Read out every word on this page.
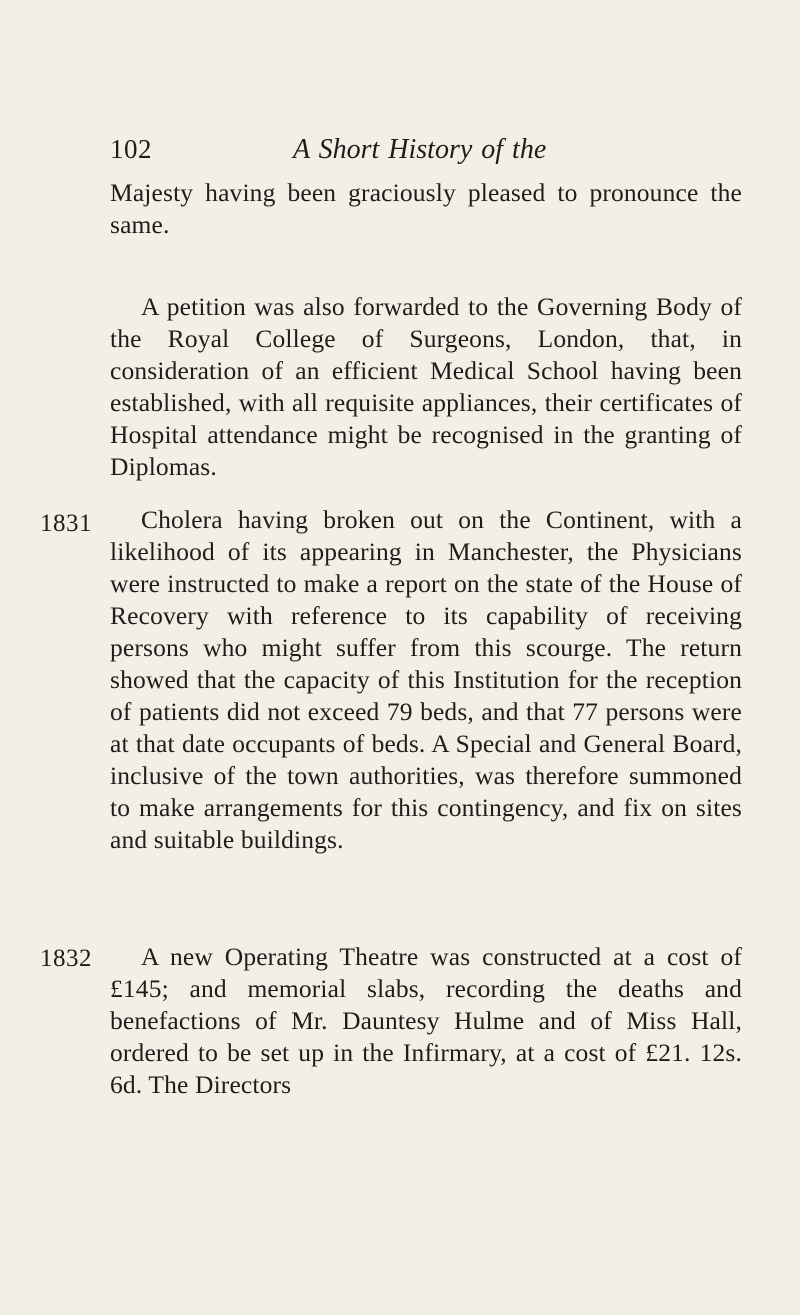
102	A Short History of the
Majesty having been graciously pleased to pronounce the same.
A petition was also forwarded to the Governing Body of the Royal College of Surgeons, London, that, in consideration of an efficient Medical School having been established, with all requisite appliances, their certificates of Hospital attendance might be recognised in the granting of Diplomas.
1831	Cholera having broken out on the Continent, with a likelihood of its appearing in Manchester, the Physicians were instructed to make a report on the state of the House of Recovery with reference to its capability of receiving persons who might suffer from this scourge. The return showed that the capacity of this Institution for the reception of patients did not exceed 79 beds, and that 77 persons were at that date occupants of beds. A Special and General Board, inclusive of the town authorities, was therefore summoned to make arrangements for this contingency, and fix on sites and suitable buildings.
1832	A new Operating Theatre was constructed at a cost of £145; and memorial slabs, recording the deaths and benefactions of Mr. Dauntesy Hulme and of Miss Hall, ordered to be set up in the Infirmary, at a cost of £21. 12s. 6d. The Directors
